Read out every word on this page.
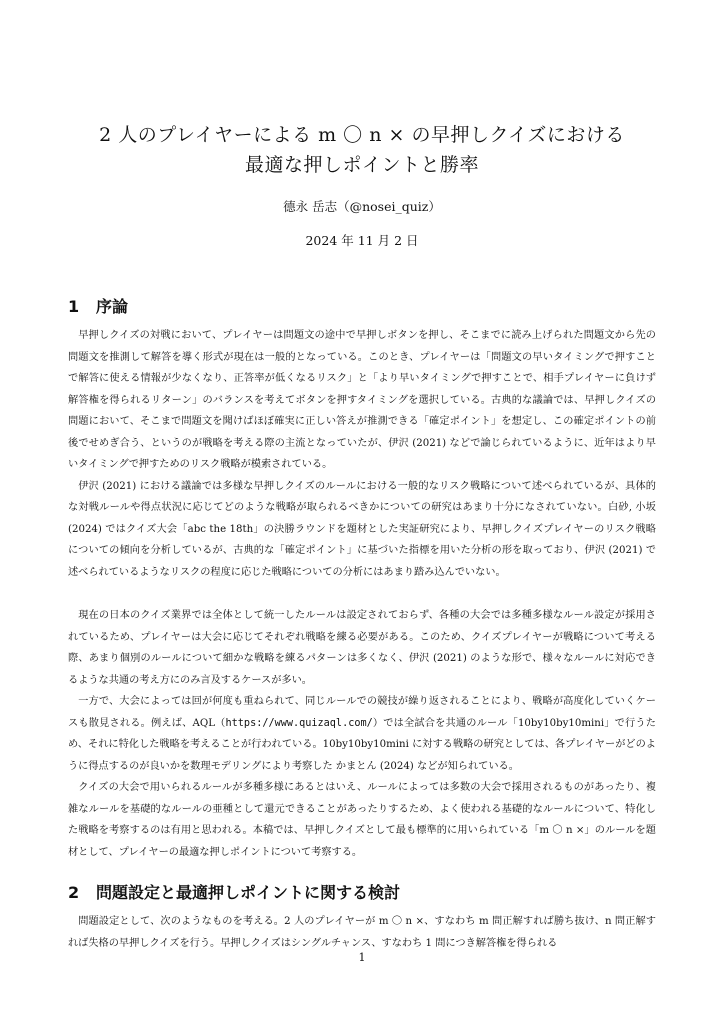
2 人のプレイヤーによる m 〇 n × の早押しクイズにおける
最適な押しポイントと勝率
德永 岳志（@nosei_quiz）
2024 年 11 月 2 日
1 序論

早押しクイズの対戦において、プレイヤーは問題文の途中で早押しボタンを押し、そこまでに読み上げられた問題文から先の問題文を推測して解答を導く形式が現在は一般的となっている。このとき、プレイヤーは「問題文の早いタイミングで押すことで解答に使える情報が少なくなり、正答率が低くなるリスク」と「より早いタイミングで押すことで、相手プレイヤーに負けず解答権を得られるリターン」のバランスを考えてボタンを押すタイミングを選択している。古典的な議論では、早押しクイズの問題において、そこまで問題文を聞けばほぼ確実に正しい答えが推測できる「確定ポイント」を想定し、この確定ポイントの前後でせめぎ合う、というのが戦略を考える際の主流となっていたが、伊沢 (2021) などで論じられているように、近年はより早いタイミングで押すためのリスク戦略が模索されている。

伊沢 (2021) における議論では多様な早押しクイズのルールにおける一般的なリスク戦略について述べられているが、具体的な対戦ルールや得点状況に応じてどのような戦略が取られるべきかについての研究はあまり十分になされていない。白砂, 小坂 (2024) ではクイズ大会「abc the 18th」の決勝ラウンドを題材とした実証研究により、早押しクイズプレイヤーのリスク戦略についての傾向を分析しているが、古典的な「確定ポイント」に基づいた指標を用いた分析の形を取っており、伊沢 (2021) で述べられているようなリスクの程度に応じた戦略についての分析にはあまり踏み込んでいない。

現在の日本のクイズ業界では全体として統一したルールは設定されておらず、各種の大会では多種多様なルール設定が採用されているため、プレイヤーは大会に応じてそれぞれ戦略を練る必要がある。このため、クイズプレイヤーが戦略について考える際、あまり個別のルールについて細かな戦略を練るパターンは多くなく、伊沢 (2021) のような形で、様々なルールに対応できるような共通の考え方にのみ言及するケースが多い。

一方で、大会によっては回が何度も重ねられて、同じルールでの競技が繰り返されることにより、戦略が高度化していくケースも散見される。例えば、AQL（https://www.quizaql.com/）では全試合を共通のルール「10by10by10mini」で行うため、それに特化した戦略を考えることが行われている。10by10by10mini に対する戦略の研究としては、各プレイヤーがどのように得点するのが良いかを数理モデリングにより考察した かまとん (2024) などが知られている。

クイズの大会で用いられるルールが多種多様にあるとはいえ、ルールによっては多数の大会で採用されるものがあったり、複雑なルールを基礎的なルールの亜種として還元できることがあったりするため、よく使われる基礎的なルールについて、特化した戦略を考察するのは有用と思われる。本稿では、早押しクイズとして最も標準的に用いられている「m 〇 n ×」のルールを題材として、プレイヤーの最適な押しポイントについて考察する。

2 問題設定と最適押しポイントに関する検討

問題設定として、次のようなものを考える。2 人のプレイヤーが m 〇 n ×、すなわち m 問正解すれば勝ち抜け、n 問正解すれば失格の早押しクイズを行う。早押しクイズはシングルチャンス、すなわち 1 問につき解答権を得られる

1
